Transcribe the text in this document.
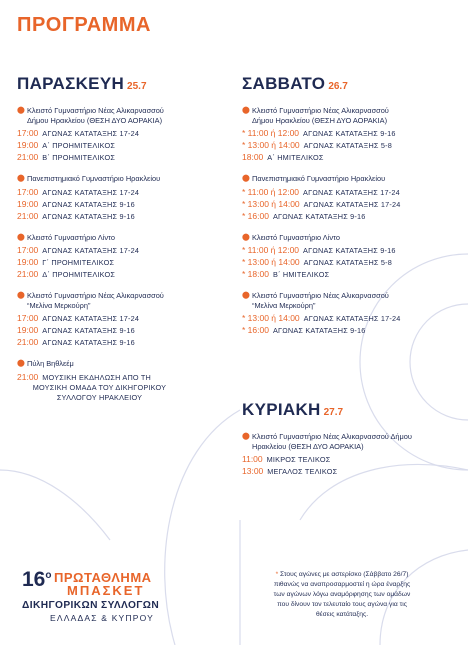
ΠΡΟΓΡΑΜΜΑ
ΠΑΡΑΣΚΕΥΗ 25.7
⬤ Κλειστό Γυμναστήριο Νέας Αλικαρνασσού
Δήμου Ηρακλείου (ΘΕΣΗ ΔΥΟ ΑΟΡΑΚΙΑ)
17:00 ΑΓΩΝΑΣ ΚΑΤΑΤΑΞΗΣ 17-24
19:00 Α΄ ΠΡΟΗΜΙΤΕΛΙΚΟΣ
21:00 Β΄ ΠΡΟΗΜΙΤΕΛΙΚΟΣ
⬤ Πανεπιστημιακό Γυμναστήριο Ηρακλείου
17:00 ΑΓΩΝΑΣ ΚΑΤΑΤΑΞΗΣ 17-24
19:00 ΑΓΩΝΑΣ ΚΑΤΑΤΑΞΗΣ 9-16
21:00 ΑΓΩΝΑΣ ΚΑΤΑΤΑΞΗΣ 9-16
⬤ Κλειστό Γυμναστήριο Λίντο
17:00 ΑΓΩΝΑΣ ΚΑΤΑΤΑΞΗΣ 17-24
19:00 Γ΄ ΠΡΟΗΜΙΤΕΛΙΚΟΣ
21:00 Δ΄ ΠΡΟΗΜΙΤΕΛΙΚΟΣ
⬤ Κλειστό Γυμναστήριο Νέας Αλικαρνασσού
“Μελίνα Μερκούρη”
17:00 ΑΓΩΝΑΣ ΚΑΤΑΤΑΞΗΣ 17-24
19:00 ΑΓΩΝΑΣ ΚΑΤΑΤΑΞΗΣ 9-16
21:00 ΑΓΩΝΑΣ ΚΑΤΑΤΑΞΗΣ 9-16
⬤ Πύλη Βηθλεέμ
21:00 ΜΟΥΣΙΚΗ ΕΚΔΗΛΩΣΗ ΑΠΟ ΤΗ
ΜΟΥΣΙΚΗ ΟΜΑΔΑ ΤΟΥ ΔΙΚΗΓΟΡΙΚΟΥ
ΣΥΛΛΟΓΟΥ ΗΡΑΚΛΕΙΟΥ
ΣΑΒΒΑΤΟ 26.7
⬤ Κλειστό Γυμναστήριο Νέας Αλικαρνασσού
Δήμου Ηρακλείου (ΘΕΣΗ ΔΥΟ ΑΟΡΑΚΙΑ)
* 11:00 ή 12:00 ΑΓΩΝΑΣ ΚΑΤΑΤΑΞΗΣ 9-16
* 13:00 ή 14:00 ΑΓΩΝΑΣ ΚΑΤΑΤΑΞΗΣ 5-8
18:00 Α΄ ΗΜΙΤΕΛΙΚΟΣ
⬤ Πανεπιστημιακό Γυμναστήριο Ηρακλείου
* 11:00 ή 12:00 ΑΓΩΝΑΣ ΚΑΤΑΤΑΞΗΣ 17-24
* 13:00 ή 14:00 ΑΓΩΝΑΣ ΚΑΤΑΤΑΞΗΣ 17-24
* 16:00 ΑΓΩΝΑΣ ΚΑΤΑΤΑΞΗΣ 9-16
⬤ Κλειστό Γυμναστήριο Λίντο
* 11:00 ή 12:00 ΑΓΩΝΑΣ ΚΑΤΑΤΑΞΗΣ 9-16
* 13:00 ή 14:00 ΑΓΩΝΑΣ ΚΑΤΑΤΑΞΗΣ 5-8
* 18:00 Β΄ ΗΜΙΤΕΛΙΚΟΣ
⬤ Κλειστό Γυμναστήριο Νέας Αλικαρνασσού
“Μελίνα Μερκούρη”
* 13:00 ή 14:00 ΑΓΩΝΑΣ ΚΑΤΑΤΑΞΗΣ 17-24
* 16:00 ΑΓΩΝΑΣ ΚΑΤΑΤΑΞΗΣ 9-16
ΚΥΡΙΑΚΗ 27.7
⬤ Κλειστό Γυμναστήριο Νέας Αλικαρνασσού Δήμου
Ηρακλείου (ΘΕΣΗ ΔΥΟ ΑΟΡΑΚΙΑ)
11:00 ΜΙΚΡΟΣ ΤΕΛΙΚΟΣ
13:00 ΜΕΓΑΛΟΣ ΤΕΛΙΚΟΣ
$16^o$ ΠΡΩΤΑΘΛΗΜΑ
ΜΠΑΣΚΕΤ
ΔΙΚΗΓΟΡΙΚΩΝ ΣΥΛΛΟΓΩΝ
ΕΛΛΑΔΑΣ & ΚΥΠΡΟΥ
* Στους αγώνες με αστερίσκο (Σάββατο 26/7)
πιθανώς να αναπροσαρμοστεί η ώρα έναρξης
των αγώνων λόγω αναμόρφησης των ομάδων
που δίνουν τον τελευταίο τους αγώνα για τις
θέσεις κατάταξης.
